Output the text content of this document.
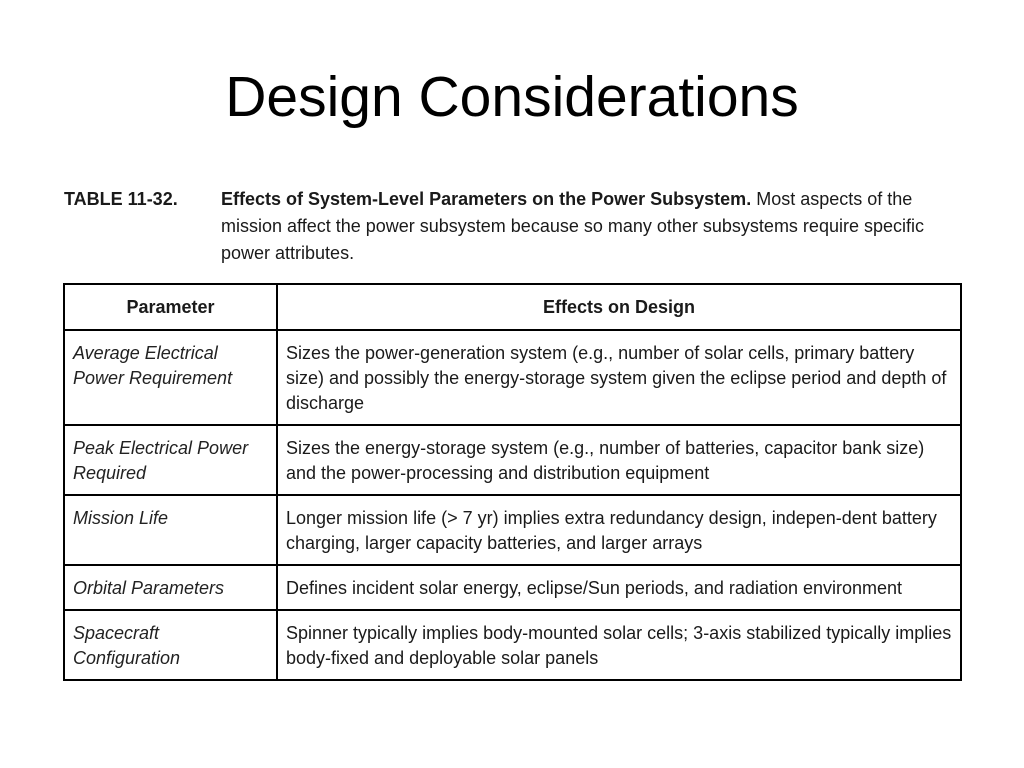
Design Considerations
TABLE 11-32. Effects of System-Level Parameters on the Power Subsystem. Most aspects of the mission affect the power subsystem because so many other subsystems require specific power attributes.
Parameter	Effects on Design
Average Electrical Power Requirement	Sizes the power-generation system (e.g., number of solar cells, primary battery size) and possibly the energy-storage system given the eclipse period and depth of discharge
Peak Electrical Power Required	Sizes the energy-storage system (e.g., number of batteries, capacitor bank size) and the power-processing and distribution equipment
Mission Life	Longer mission life (> 7 yr) implies extra redundancy design, indepen-dent battery charging, larger capacity batteries, and larger arrays
Orbital Parameters	Defines incident solar energy, eclipse/Sun periods, and radiation environment
Spacecraft Configuration	Spinner typically implies body-mounted solar cells; 3-axis stabilized typically implies body-fixed and deployable solar panels
